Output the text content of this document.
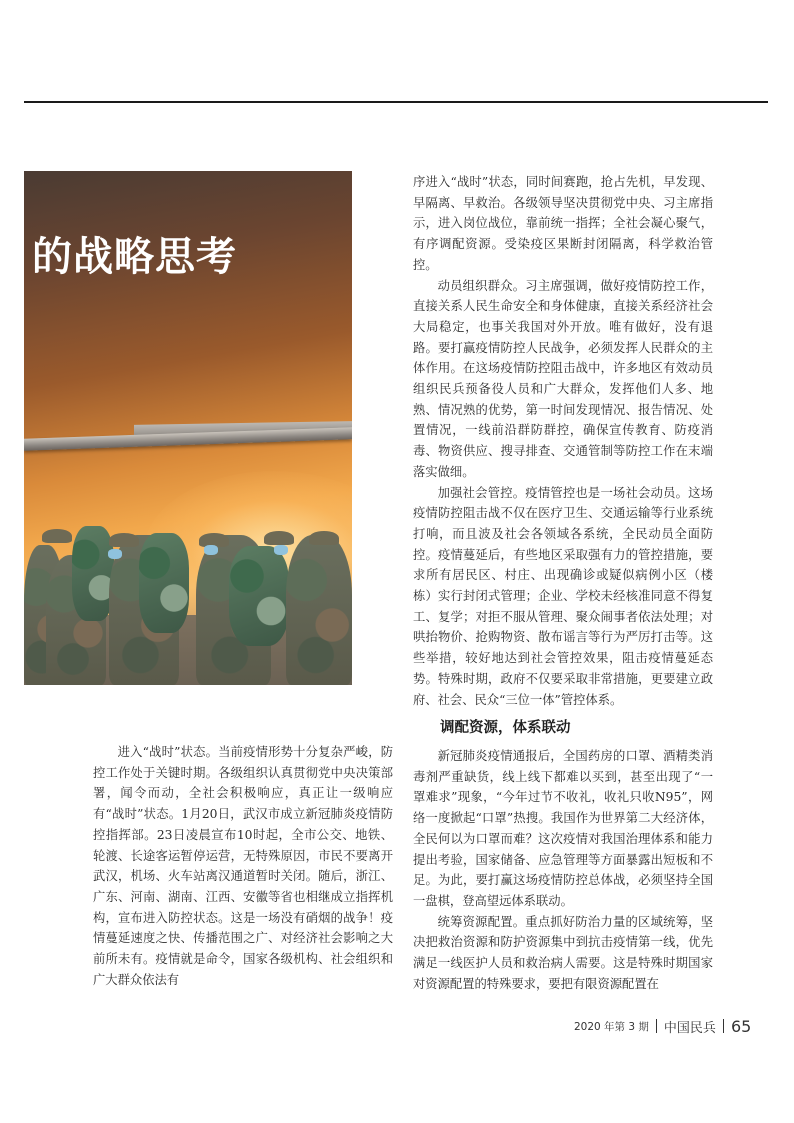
的战略思考

序进入“战时”状态，同时间赛跑，抢占先机，早发现、早隔离、早救治。各级领导坚决贯彻党中央、习主席指示，进入岗位战位，靠前统一指挥；全社会凝心聚气，有序调配资源。受染疫区果断封闭隔离，科学救治管控。

动员组织群众。习主席强调，做好疫情防控工作，直接关系人民生命安全和身体健康，直接关系经济社会大局稳定，也事关我国对外开放。唯有做好，没有退路。要打赢疫情防控人民战争，必须发挥人民群众的主体作用。在这场疫情防控阻击战中，许多地区有效动员组织民兵预备役人员和广大群众，发挥他们人多、地熟、情况熟的优势，第一时间发现情况、报告情况、处置情况，一线前沿群防群控，确保宣传教育、防疫消毒、物资供应、搜寻排查、交通管制等防控工作在末端落实做细。

加强社会管控。疫情管控也是一场社会动员。这场疫情防控阻击战不仅在医疗卫生、交通运输等行业系统打响，而且波及社会各领域各系统，全民动员全面防控。疫情蔓延后，有些地区采取强有力的管控措施，要求所有居民区、村庄、出现确诊或疑似病例小区（楼栋）实行封闭式管理；企业、学校未经核准同意不得复工、复学；对拒不服从管理、聚众闹事者依法处理；对哄抬物价、抢购物资、散布谣言等行为严厉打击等。这些举措，较好地达到社会管控效果，阻击疫情蔓延态势。特殊时期，政府不仅要采取非常措施，更要建立政府、社会、民众“三位一体”管控体系。

调配资源，体系联动

进入“战时”状态。当前疫情形势十分复杂严峻，防控工作处于关键时期。各级组织认真贯彻党中央决策部署，闻令而动，全社会积极响应，真正让一级响应有“战时”状态。1月20日，武汉市成立新冠肺炎疫情防控指挥部。23日凌晨宣布10时起，全市公交、地铁、轮渡、长途客运暂停运营，无特殊原因，市民不要离开武汉，机场、火车站离汉通道暂时关闭。随后，浙江、广东、河南、湖南、江西、安徽等省也相继成立指挥机构，宣布进入防控状态。这是一场没有硝烟的战争！疫情蔓延速度之快、传播范围之广、对经济社会影响之大前所未有。疫情就是命令，国家各级机构、社会组织和广大群众依法有

新冠肺炎疫情通报后，全国药房的口罩、酒精类消毒剂严重缺货，线上线下都难以买到，甚至出现了“一罩难求”现象，“今年过节不收礼，收礼只收N95”，网络一度掀起“口罩”热搜。我国作为世界第二大经济体，全民何以为口罩而难？这次疫情对我国治理体系和能力提出考验，国家储备、应急管理等方面暴露出短板和不足。为此，要打赢这场疫情防控总体战，必须坚持全国一盘棋，登高望远体系联动。

统筹资源配置。重点抓好防治力量的区域统筹，坚决把救治资源和防护资源集中到抗击疫情第一线，优先满足一线医护人员和救治病人需要。这是特殊时期国家对资源配置的特殊要求，要把有限资源配置在

2020 年第 3 期 中国民兵 65
